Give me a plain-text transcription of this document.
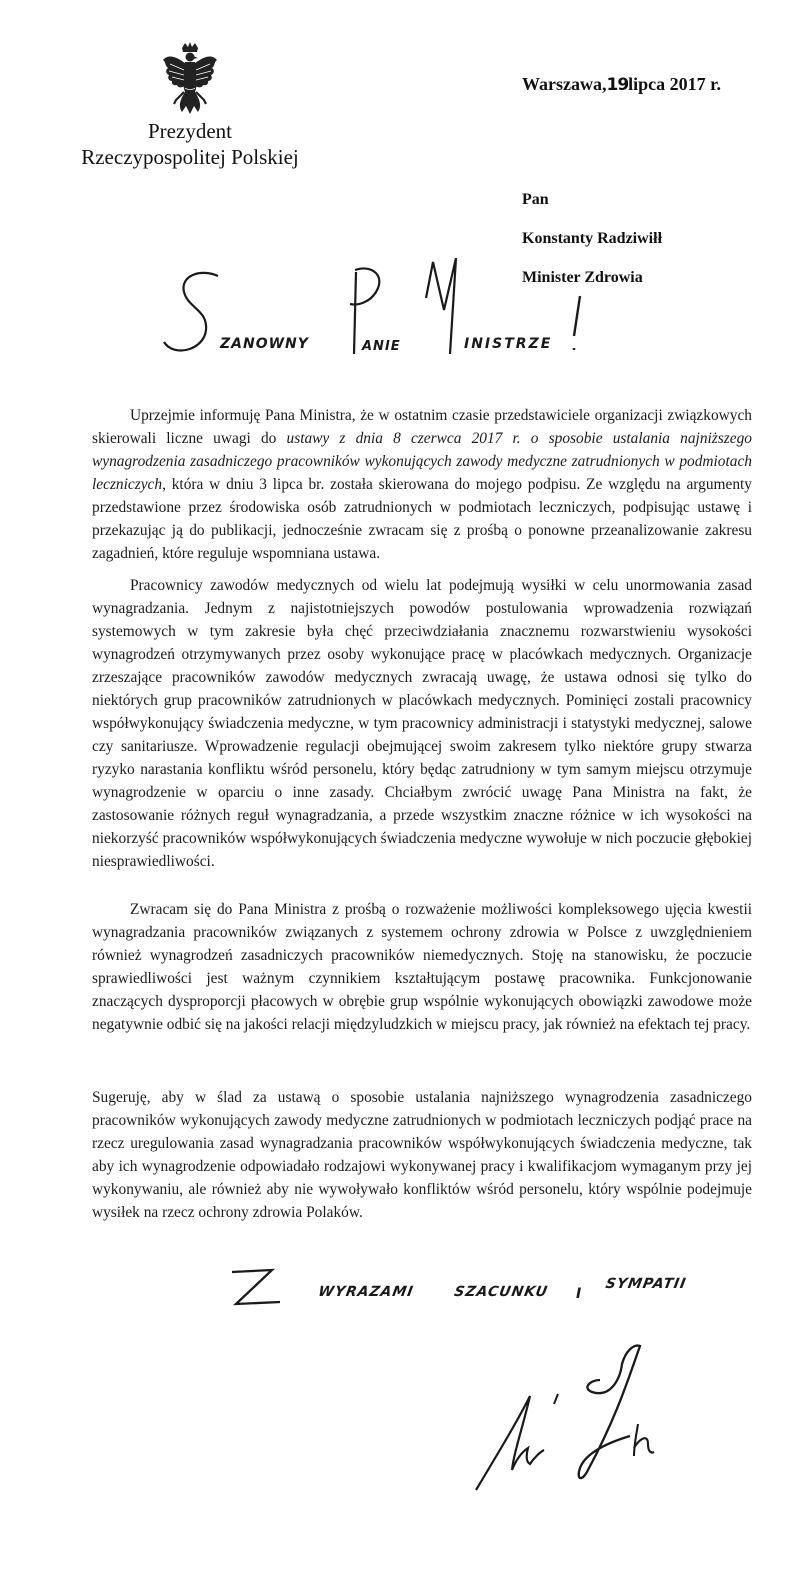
Prezydent
Rzeczypospolitej Polskiej
Warszawa,19lipca 2017 r.
Pan
Konstanty Radziwiłł
Minister Zdrowia
ZANOWNY	ANIE	INISTRZE

Uprzejmie informuję Pana Ministra, że w ostatnim czasie przedstawiciele organizacji związkowych skierowali liczne uwagi do ustawy z dnia 8 czerwca 2017 r. o sposobie ustalania najniższego wynagrodzenia zasadniczego pracowników wykonujących zawody medyczne zatrudnionych w podmiotach leczniczych, która w dniu 3 lipca br. została skierowana do mojego podpisu. Ze względu na argumenty przedstawione przez środowiska osób zatrudnionych w podmiotach leczniczych, podpisując ustawę i przekazując ją do publikacji, jednocześnie zwracam się z prośbą o ponowne przeanalizowanie zakresu zagadnień, które reguluje wspomniana ustawa.

Pracownicy zawodów medycznych od wielu lat podejmują wysiłki w celu unormowania zasad wynagradzania. Jednym z najistotniejszych powodów postulowania wprowadzenia rozwiązań systemowych w tym zakresie była chęć przeciwdziałania znacznemu rozwarstwieniu wysokości wynagrodzeń otrzymywanych przez osoby wykonujące pracę w placówkach medycznych. Organizacje zrzeszające pracowników zawodów medycznych zwracają uwagę, że ustawa odnosi się tylko do niektórych grup pracowników zatrudnionych w placówkach medycznych. Pominięci zostali pracownicy współwykonujący świadczenia medyczne, w tym pracownicy administracji i statystyki medycznej, salowe czy sanitariusze. Wprowadzenie regulacji obejmującej swoim zakresem tylko niektóre grupy stwarza ryzyko narastania konfliktu wśród personelu, który będąc zatrudniony w tym samym miejscu otrzymuje wynagrodzenie w oparciu o inne zasady. Chciałbym zwrócić uwagę Pana Ministra na fakt, że zastosowanie różnych reguł wynagradzania, a przede wszystkim znaczne różnice w ich wysokości na niekorzyść pracowników współwykonujących świadczenia medyczne wywołuje w nich poczucie głębokiej niesprawiedliwości.

Zwracam się do Pana Ministra z prośbą o rozważenie możliwości kompleksowego ujęcia kwestii wynagradzania pracowników związanych z systemem ochrony zdrowia w Polsce z uwzględnieniem również wynagrodzeń zasadniczych pracowników niemedycznych. Stoję na stanowisku, że poczucie sprawiedliwości jest ważnym czynnikiem kształtującym postawę pracownika. Funkcjonowanie znaczących dysproporcji płacowych w obrębie grup wspólnie wykonujących obowiązki zawodowe może negatywnie odbić się na jakości relacji międzyludzkich w miejscu pracy, jak również na efektach tej pracy.

Sugeruję, aby w ślad za ustawą o sposobie ustalania najniższego wynagrodzenia zasadniczego pracowników wykonujących zawody medyczne zatrudnionych w podmiotach leczniczych podjąć prace na rzecz uregulowania zasad wynagradzania pracowników współwykonujących świadczenia medyczne, tak aby ich wynagrodzenie odpowiadało rodzajowi wykonywanej pracy i kwalifikacjom wymaganym przy jej wykonywaniu, ale również aby nie wywoływało konfliktów wśród personelu, który wspólnie podejmuje wysiłek na rzecz ochrony zdrowia Polaków.

WYRAZAMI	SZACUNKU I
SYMPATII
